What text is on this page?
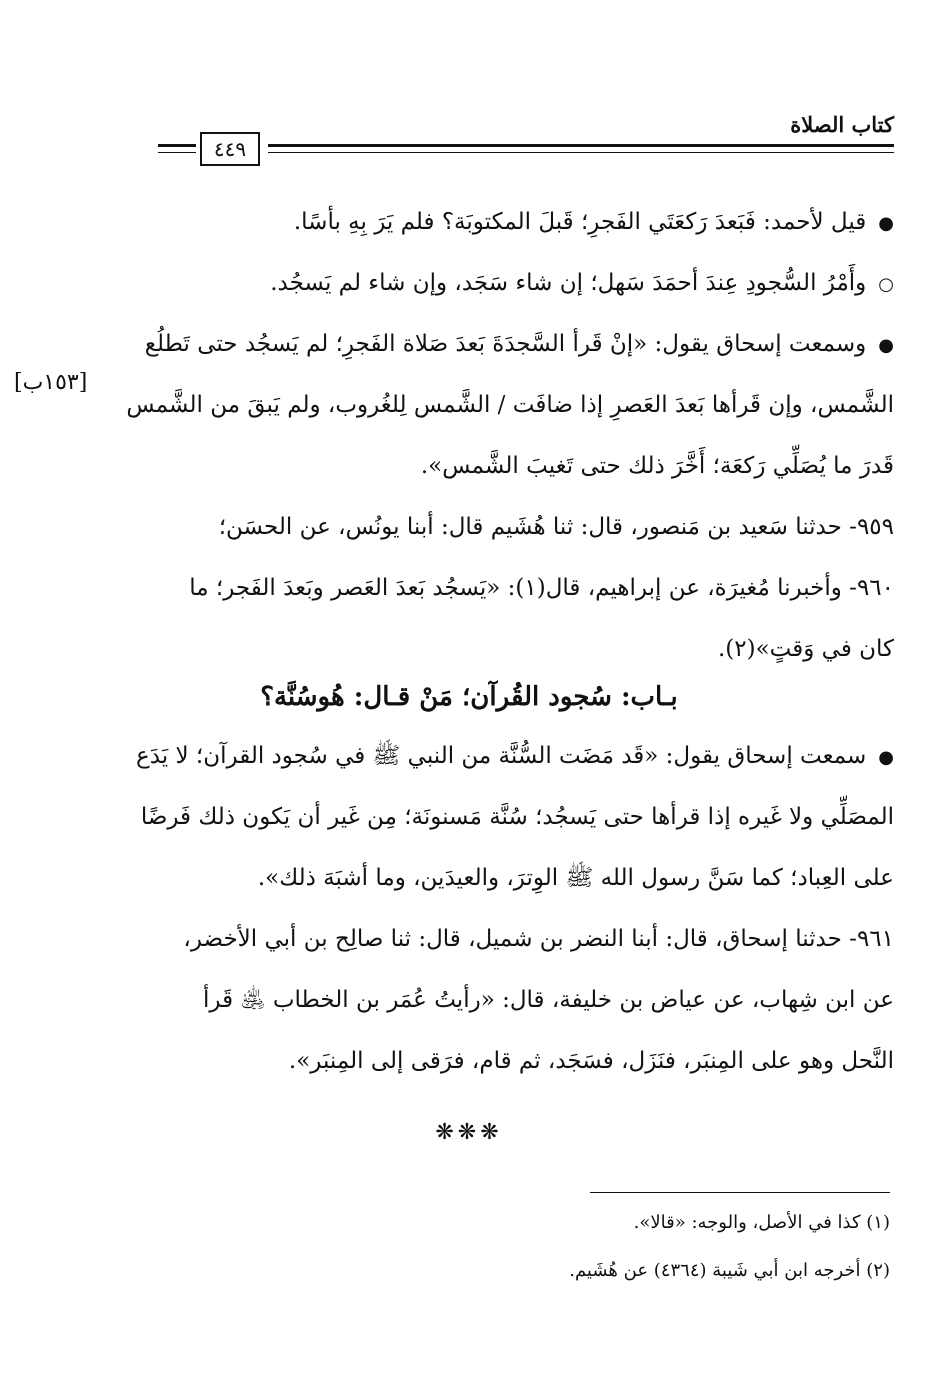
كتاب الصلاة
٤٤٩
●قيل لأحمد: فَبَعدَ رَكعَتَي الفَجرِ؛ قَبلَ المكتوبَة؟ فلم يَرَ بِهِ بأسًا.
○وأَمْرُ السُّجودِ عِندَ أحمَدَ سَهل؛ إن شاء سَجَد، وإن شاء لم يَسجُد.
●وسمعت إسحاق يقول: «إنْ قَرأ السَّجدَةَ بَعدَ صَلاة الفَجرِ؛ لم يَسجُد حتى تَطلُع
الشَّمس، وإن قَرأها بَعدَ العَصرِ إذا ضافَت / الشَّمس لِلغُروب، ولم يَبقَ من الشَّمس
قَدرَ ما يُصَلِّي رَكعَة؛ أَخَّرَ ذلك حتى تَغيبَ الشَّمس».
٩٥٩- حدثنا سَعيد بن مَنصور، قال: ثنا هُشَيم قال: أبنا يونُس، عن الحسَن؛
٩٦٠- وأخبرنا مُغيرَة، عن إبراهيم، قال(١): «يَسجُد بَعدَ العَصر وبَعدَ الفَجر؛ ما
كان في وَقتٍ»(٢).
[١٥٣ب]
بـاب: سُجود القُرآن؛ مَنْ قـال: هُوسُنَّة؟
●سمعت إسحاق يقول: «قَد مَضَت السُّنَّة من النبي ﷺ في سُجود القرآن؛ لا يَدَع
المصَلِّي ولا غَيره إذا قرأها حتى يَسجُد؛ سُنَّة مَسنونَة؛ مِن غَير أن يَكون ذلك فَرضًا
على العِباد؛ كما سَنَّ رسول الله ﷺ الوِترَ، والعيدَين، وما أشبَهَ ذلك».
٩٦١- حدثنا إسحاق، قال: أبنا النضر بن شميل، قال: ثنا صالِح بن أبي الأخضر،
عن ابن شِهاب، عن عياض بن خليفة، قال: «رأيتُ عُمَر بن الخطاب ﵁ قَرأ
النَّحل وهو على المِنبَر، فنَزَل، فسَجَد، ثم قام، فرَقى إلى المِنبَر».
❋❋❋
(١) كذا في الأصل، والوجه: «قالا».
(٢) أخرجه ابن أبي شَيبة (٤٣٦٤) عن هُشَيم.
